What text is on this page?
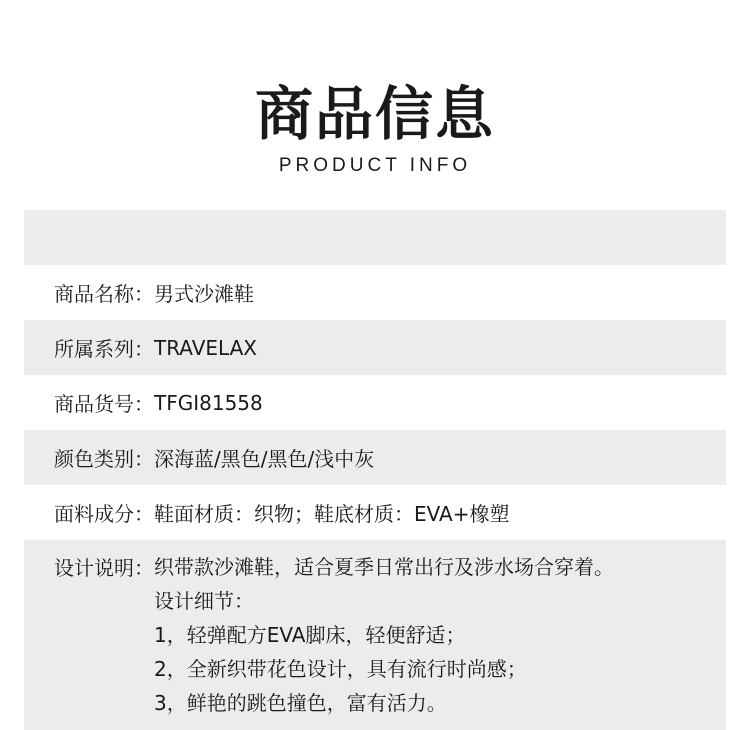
商品信息
PRODUCT INFO
商品名称： 男式沙滩鞋
所属系列： TRAVELAX
商品货号： TFGI81558
颜色类别： 深海蓝/黑色/黑色/浅中灰
面料成分： 鞋面材质：织物；鞋底材质：EVA+橡塑
设计说明： 织带款沙滩鞋，适合夏季日常出行及涉水场合穿着。
设计细节：
1，轻弹配方EVA脚床，轻便舒适；
2，全新织带花色设计，具有流行时尚感；
3，鲜艳的跳色撞色，富有活力。
